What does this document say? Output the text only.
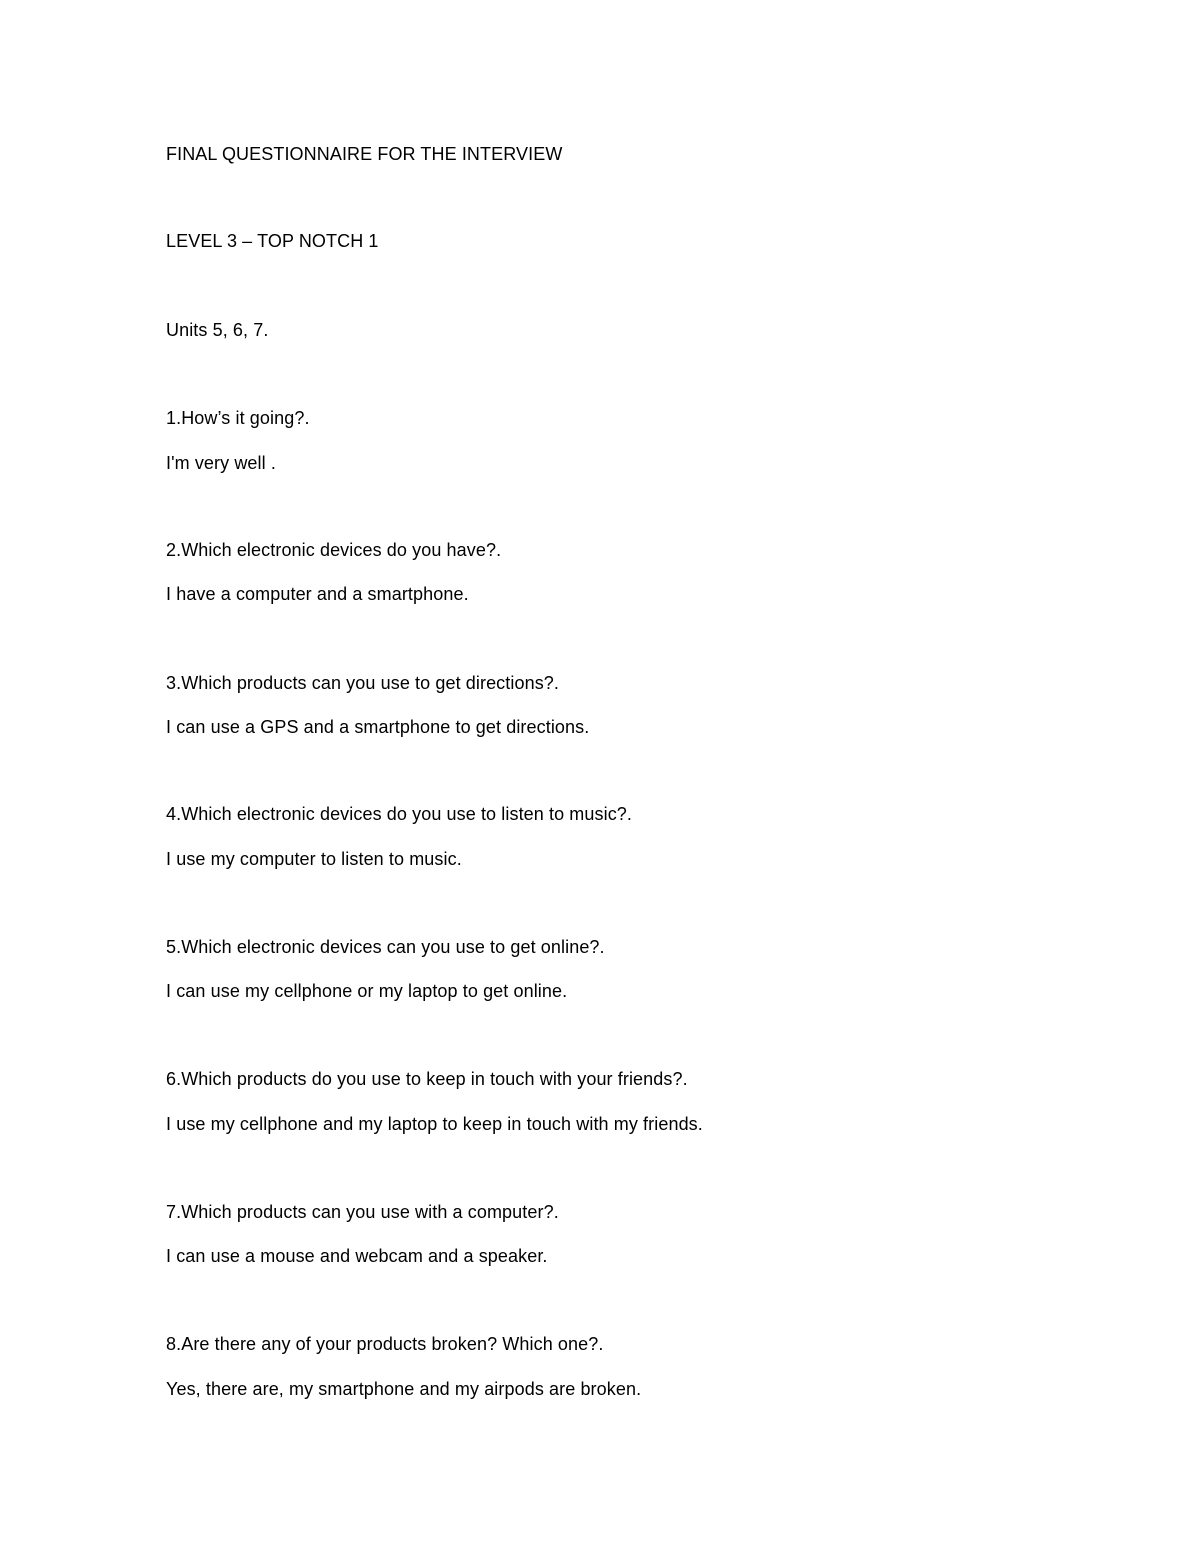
FINAL QUESTIONNAIRE FOR THE INTERVIEW
LEVEL 3 – TOP NOTCH 1
Units 5, 6, 7.
1.How’s it going?.
I'm very well .
2.Which electronic devices do you have?.
I have a computer and a smartphone.
3.Which products can you use to get directions?.
I can use a GPS and a smartphone to get directions.
4.Which electronic devices do you use to listen to music?.
I use my computer to listen to music.
5.Which electronic devices can you use to get online?.
I can use my cellphone or my laptop to get online.
6.Which products do you use to keep in touch with your friends?.
I use my cellphone and my laptop to keep in touch with my friends.
7.Which products can you use with a computer?.
I can use a mouse and webcam and a speaker.
8.Are there any of your products broken? Which one?.
Yes, there are, my smartphone and my airpods are broken.
